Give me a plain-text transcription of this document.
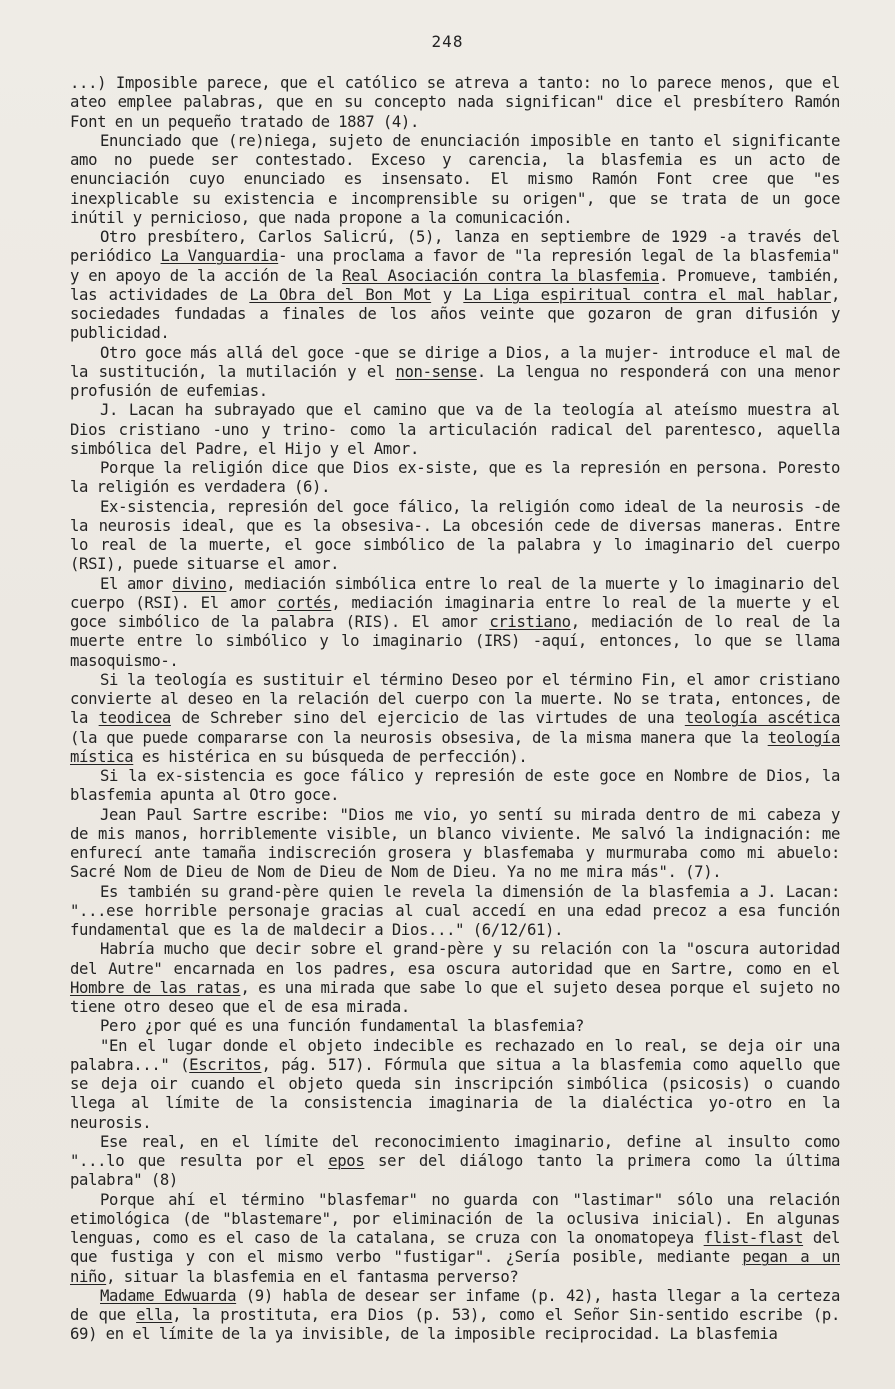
248

...) Imposible parece, que el católico se atreva a tanto: no lo parece menos, que el ateo emplee palabras, que en su concepto nada significan" dice el presbítero Ramón Font en un pequeño tratado de 1887 (4).

Enunciado que (re)niega, sujeto de enunciación imposible en tanto el significante amo no puede ser contestado. Exceso y carencia, la blasfemia es un acto de enunciación cuyo enunciado es insensato. El mismo Ramón Font cree que "es inexplicable su existencia e incomprensible su origen", que se trata de un goce inútil y pernicioso, que nada propone a la comunicación.

Otro presbítero, Carlos Salicrú, (5), lanza en septiembre de 1929 -a través del periódico La Vanguardia- una proclama a favor de "la represión legal de la blasfemia" y en apoyo de la acción de la Real Asociación contra la blasfemia. Promueve, también, las actividades de La Obra del Bon Mot y La Liga espiritual contra el mal hablar, sociedades fundadas a finales de los años veinte que gozaron de gran difusión y publicidad.

Otro goce más allá del goce -que se dirige a Dios, a la mujer- introduce el mal de la sustitución, la mutilación y el non-sense. La lengua no responderá con una menor profusión de eufemias.

J. Lacan ha subrayado que el camino que va de la teología al ateísmo muestra al Dios cristiano -uno y trino- como la articulación radical del parentesco, aquella simbólica del Padre, el Hijo y el Amor.

Porque la religión dice que Dios ex-siste, que es la represión en persona. Por esto la religión es verdadera (6).

Ex-sistencia, represión del goce fálico, la religión como ideal de la neurosis -de la neurosis ideal, que es la obsesiva-. La obcesión cede de diversas maneras. Entre lo real de la muerte, el goce simbólico de la palabra y lo imaginario del cuerpo (RSI), puede situarse el amor.

El amor divino, mediación simbólica entre lo real de la muerte y lo imaginario del cuerpo (RSI). El amor cortés, mediación imaginaria entre lo real de la muerte y el goce simbólico de la palabra (RIS). El amor cristiano, mediación de lo real de la muerte entre lo simbólico y lo imaginario (IRS) -aquí, entonces, lo que se llama masoquismo-.

Si la teología es sustituir el término Deseo por el término Fin, el amor cristiano convierte al deseo en la relación del cuerpo con la muerte. No se trata, entonces, de la teodicea de Schreber sino del ejercicio de las virtudes de una teología ascética (la que puede compararse con la neurosis obsesiva, de la misma manera que la teología mística es histérica en su búsqueda de perfección).

Si la ex-sistencia es goce fálico y represión de este goce en Nombre de Dios, la blasfemia apunta al Otro goce.

Jean Paul Sartre escribe: "Dios me vio, yo sentí su mirada dentro de mi cabeza y de mis manos, horriblemente visible, un blanco viviente. Me salvó la indignación: me enfurecí ante tamaña indiscreción grosera y blasfemaba y murmuraba como mi abuelo: Sacré Nom de Dieu de Nom de Dieu de Nom de Dieu. Ya no me mira más". (7).

Es también su grand-père quien le revela la dimensión de la blasfemia a J. Lacan: "...ese horrible personaje gracias al cual accedí en una edad precoz a esa función fundamental que es la de maldecir a Dios..." (6/12/61).

Habría mucho que decir sobre el grand-père y su relación con la "oscura autoridad del Autre" encarnada en los padres, esa oscura autoridad que en Sartre, como en el Hombre de las ratas, es una mirada que sabe lo que el sujeto desea porque el sujeto no tiene otro deseo que el de esa mirada.

Pero ¿por qué es una función fundamental la blasfemia?

"En el lugar donde el objeto indecible es rechazado en lo real, se deja oir una palabra..." (Escritos, pág. 517). Fórmula que situa a la blasfemia como aquello que se deja oir cuando el objeto queda sin inscripción simbólica (psicosis) o cuando llega al límite de la consistencia imaginaria de la dialéctica yo-otro en la neurosis.

Ese real, en el límite del reconocimiento imaginario, define al insulto como "...lo que resulta por el epos ser del diálogo tanto la primera como la última palabra" (8)

Porque ahí el término "blasfemar" no guarda con "lastimar" sólo una relación etimológica (de "blastemare", por eliminación de la oclusiva inicial). En algunas lenguas, como es el caso de la catalana, se cruza con la onomatopeya flist-flast del que fustiga y con el mismo verbo "fustigar". ¿Sería posible, mediante pegan a un niño, situar la blasfemia en el fantasma perverso?

Madame Edwuarda (9) habla de desear ser infame (p. 42), hasta llegar a la certeza de que ella, la prostituta, era Dios (p. 53), como el Señor Sin-sentido escribe (p. 69) en el límite de la ya invisible, de la imposible reciprocidad. La blasfemia
